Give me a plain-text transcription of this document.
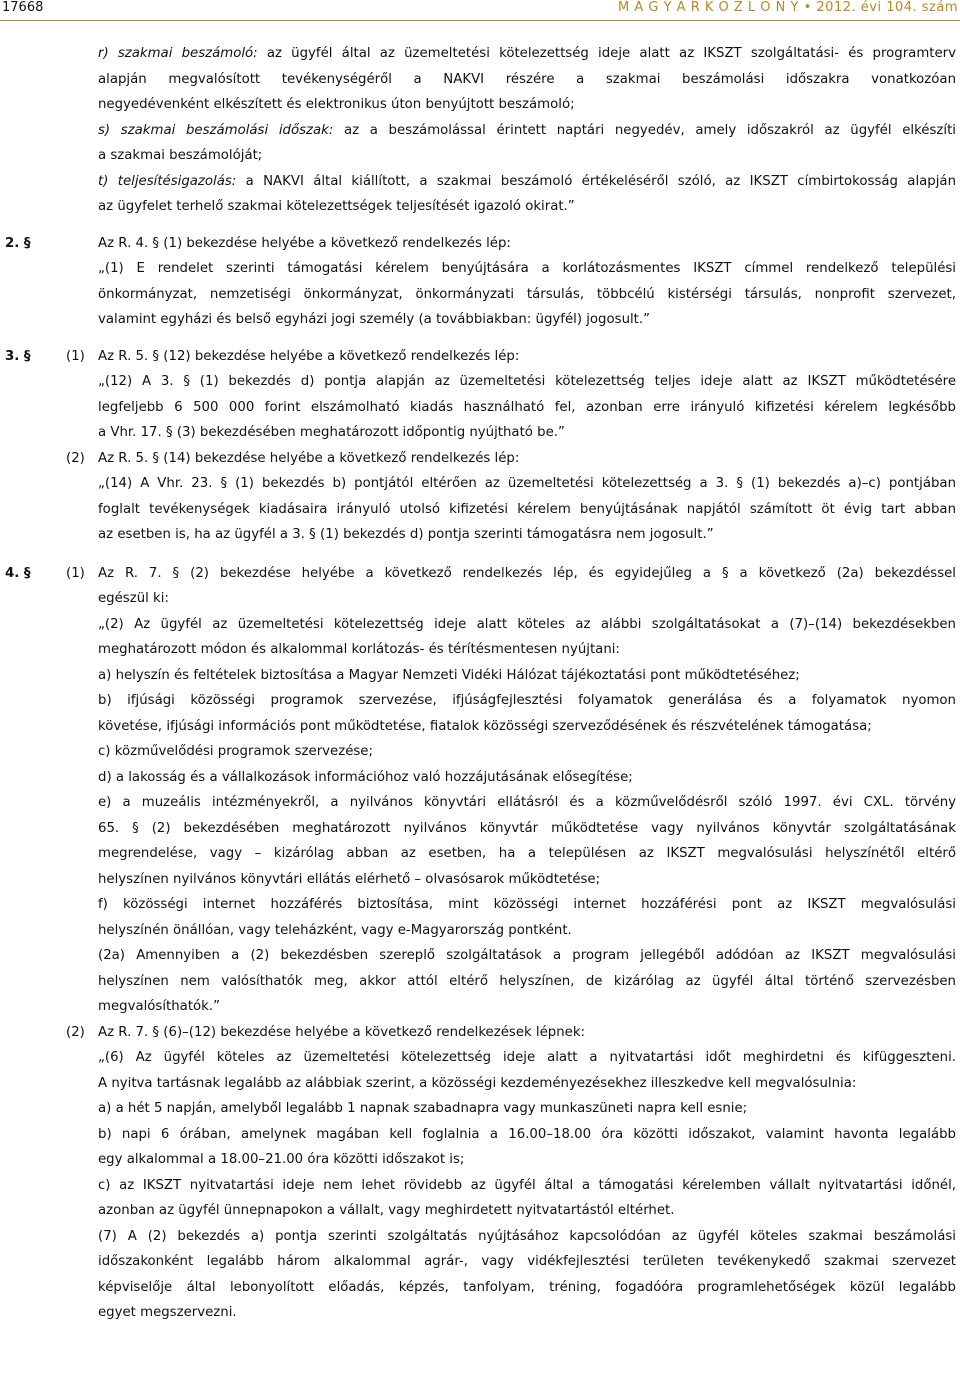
17668	M A G Y A R K Ö Z L Ö N Y • 2012. évi 104. szám
r) szakmai beszámoló: az ügyfél által az üzemeltetési kötelezettség ideje alatt az IKSZT szolgáltatási- és programterv
alapján megvalósított tevékenységéről a NAKVI részére a szakmai beszámolási időszakra vonatkozóan
negyedévenként elkészített és elektronikus úton benyújtott beszámoló;
s) szakmai beszámolási időszak: az a beszámolással érintett naptári negyedév, amely időszakról az ügyfél elkészíti
a szakmai beszámolóját;
t) teljesítésigazolás: a NAKVI által kiállított, a szakmai beszámoló értékeléséről szóló, az IKSZT címbirtokosság alapján
az ügyfelet terhelő szakmai kötelezettségek teljesítését igazoló okirat.”
2. §	Az R. 4. § (1) bekezdése helyébe a következő rendelkezés lép:
„(1) E rendelet szerinti támogatási kérelem benyújtására a korlátozásmentes IKSZT címmel rendelkező települési
önkormányzat, nemzetiségi önkormányzat, önkormányzati társulás, többcélú kistérségi társulás, nonprofit szervezet,
valamint egyházi és belső egyházi jogi személy (a továbbiakban: ügyfél) jogosult.”
3. §	(1) Az R. 5. § (12) bekezdése helyébe a következő rendelkezés lép:
„(12) A 3. § (1) bekezdés d) pontja alapján az üzemeltetési kötelezettség teljes ideje alatt az IKSZT működtetésére
legfeljebb 6 500 000 forint elszámolható kiadás használható fel, azonban erre irányuló kifizetési kérelem legkésőbb
a Vhr. 17. § (3) bekezdésében meghatározott időpontig nyújtható be.”
(2) Az R. 5. § (14) bekezdése helyébe a következő rendelkezés lép:
„(14) A Vhr. 23. § (1) bekezdés b) pontjától eltérően az üzemeltetési kötelezettség a 3. § (1) bekezdés a)–c) pontjában
foglalt tevékenységek kiadásaira irányuló utolsó kifizetési kérelem benyújtásának napjától számított öt évig tart abban
az esetben is, ha az ügyfél a 3. § (1) bekezdés d) pontja szerinti támogatásra nem jogosult.”
4. §	(1) Az R. 7. § (2) bekezdése helyébe a következő rendelkezés lép, és egyidejűleg a § a következő (2a) bekezdéssel
egészül ki:
„(2) Az ügyfél az üzemeltetési kötelezettség ideje alatt köteles az alábbi szolgáltatásokat a (7)–(14) bekezdésekben
meghatározott módon és alkalommal korlátozás- és térítésmentesen nyújtani:
a) helyszín és feltételek biztosítása a Magyar Nemzeti Vidéki Hálózat tájékoztatási pont működtetéséhez;
b) ifjúsági közösségi programok szervezése, ifjúságfejlesztési folyamatok generálása és a folyamatok nyomon
követése, ifjúsági információs pont működtetése, fiatalok közösségi szerveződésének és részvételének támogatása;
c) közművelődési programok szervezése;
d) a lakosság és a vállalkozások információhoz való hozzájutásának elősegítése;
e) a muzeális intézményekről, a nyilvános könyvtári ellátásról és a közművelődésről szóló 1997. évi CXL. törvény
65. § (2) bekezdésében meghatározott nyilvános könyvtár működtetése vagy nyilvános könyvtár szolgáltatásának
megrendelése, vagy – kizárólag abban az esetben, ha a településen az IKSZT megvalósulási helyszínétől eltérő
helyszínen nyilvános könyvtári ellátás elérhető – olvasósarok működtetése;
f) közösségi internet hozzáférés biztosítása, mint közösségi internet hozzáférési pont az IKSZT megvalósulási
helyszínén önállóan, vagy teleházként, vagy e-Magyarország pontként.
(2a) Amennyiben a (2) bekezdésben szereplő szolgáltatások a program jellegéből adódóan az IKSZT megvalósulási
helyszínen nem valósíthatók meg, akkor attól eltérő helyszínen, de kizárólag az ügyfél által történő szervezésben
megvalósíthatók.”
(2) Az R. 7. § (6)–(12) bekezdése helyébe a következő rendelkezések lépnek:
„(6) Az ügyfél köteles az üzemeltetési kötelezettség ideje alatt a nyitvatartási időt meghirdetni és kifüggeszteni.
A nyitva tartásnak legalább az alábbiak szerint, a közösségi kezdeményezésekhez illeszkedve kell megvalósulnia:
a) a hét 5 napján, amelyből legalább 1 napnak szabadnapra vagy munkaszüneti napra kell esnie;
b) napi 6 órában, amelynek magában kell foglalnia a 16.00–18.00 óra közötti időszakot, valamint havonta legalább
egy alkalommal a 18.00–21.00 óra közötti időszakot is;
c) az IKSZT nyitvatartási ideje nem lehet rövidebb az ügyfél által a támogatási kérelemben vállalt nyitvatartási időnél,
azonban az ügyfél ünnepnapokon a vállalt, vagy meghirdetett nyitvatartástól eltérhet.
(7) A (2) bekezdés a) pontja szerinti szolgáltatás nyújtásához kapcsolódóan az ügyfél köteles szakmai beszámolási
időszakonként legalább három alkalommal agrár-, vagy vidékfejlesztési területen tevékenykedő szakmai szervezet
képviselője által lebonyolított előadás, képzés, tanfolyam, tréning, fogadóóra programlehetőségek közül legalább
egyet megszervezni.
